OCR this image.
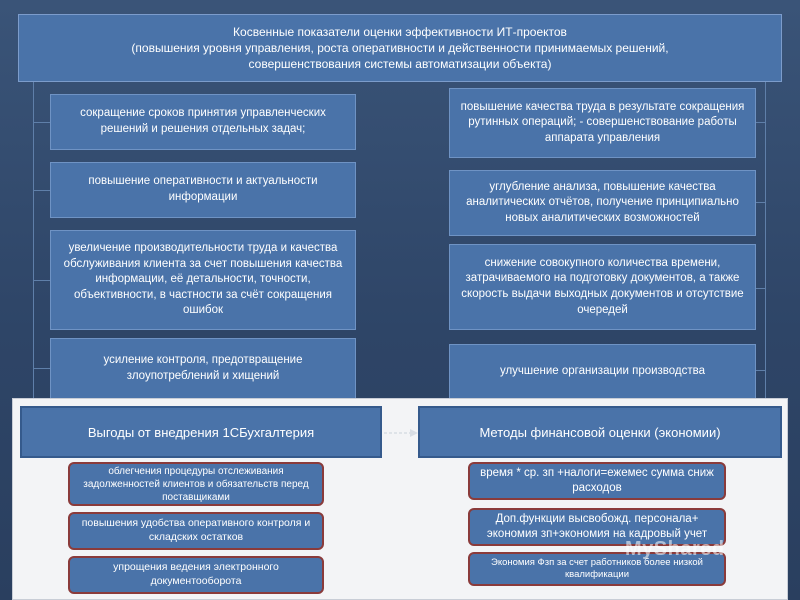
Косвенные показатели оценки эффективности ИТ-проектов
(повышения уровня управления, роста оперативности и действенности принимаемых решений,
совершенствования системы автоматизации объекта)
сокращение сроков принятия управленческих решений и решения отдельных задач;
повышение оперативности и актуальности информации
увеличение производительности труда и качества обслуживания клиента за счет повышения качества информации, её детальности, точности, объективности, в частности за счёт сокращения ошибок
усиление контроля, предотвращение злоупотреблений и хищений
повышение качества труда в результате сокращения рутинных операций; - совершенствование работы аппарата управления
углубление анализа, повышение качества аналитических отчётов, получение принципиально новых аналитических возможностей
снижение совокупного количества времени, затрачиваемого на подготовку документов, а также скорость выдачи выходных документов и отсутствие очередей
улучшение организации производства
Выгоды от внедрения 1СБухгалтерия	Методы финансовой оценки (экономии)
облегчения процедуры отслеживания задолженностей клиентов и обязательств перед поставщиками
повышения удобства оперативного контроля и складских остатков
упрощения ведения электронного документооборота
время * ср. зп +налоги=ежемес сумма сниж расходов
Доп.функции высвобожд. персонала+ экономия зп+экономия на кадровый учет
Экономия Фзп за счет работников более низкой квалификации
MyShared
